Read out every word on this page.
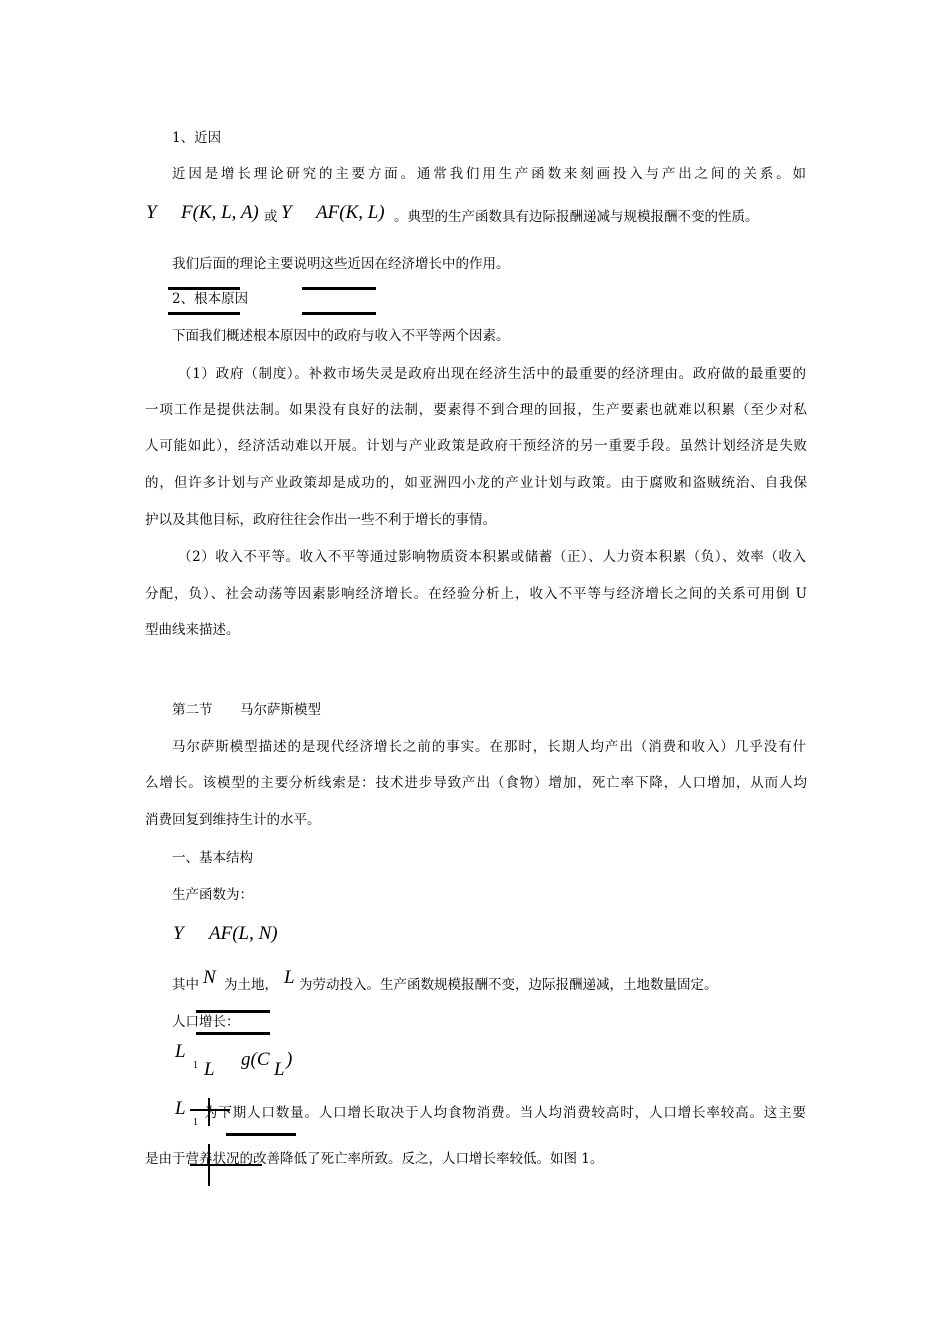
1、近因
近因是增长理论研究的主要方面。通常我们用生产函数来刻画投入与产出之间的关系。如
Y F(K, L, A) 或 Y AF(K, L) 。典型的生产函数具有边际报酬递减与规模报酬不变的性质。
我们后面的理论主要说明这些近因在经济增长中的作用。
2、根本原因
下面我们概述根本原因中的政府与收入不平等两个因素。
（1）政府（制度）。补救市场失灵是政府出现在经济生活中的最重要的经济理由。政府做的最重要的
一项工作是提供法制。如果没有良好的法制，要素得不到合理的回报，生产要素也就难以积累（至少对私
人可能如此），经济活动难以开展。计划与产业政策是政府干预经济的另一重要手段。虽然计划经济是失败
的，但许多计划与产业政策却是成功的，如亚洲四小龙的产业计划与政策。由于腐败和盗贼统治、自我保
护以及其他目标，政府往往会作出一些不利于增长的事情。
（2）收入不平等。收入不平等通过影响物质资本积累或储蓄（正）、人力资本积累（负）、效率（收入
分配，负）、社会动荡等因素影响经济增长。在经验分析上，收入不平等与经济增长之间的关系可用倒 U
型曲线来描述。
第二节 马尔萨斯模型
马尔萨斯模型描述的是现代经济增长之前的事实。在那时，长期人均产出（消费和收入）几乎没有什
么增长。该模型的主要分析线索是：技术进步导致产出（食物）增加，死亡率下降，人口增加，从而人均
消费回复到维持生计的水平。
一、基本结构
生产函数为：
Y AF(L, N)
其中 N 为土地， L 为劳动投入。生产函数规模报酬不变，边际报酬递减，土地数量固定。
人口增长：
L
1 L g(C L )
L
1
为下期人口数量。人口增长取决于人均食物消费。当人均消费较高时，人口增长率较高。这主要
是由于营养状况的改善降低了死亡率所致。反之，人口增长率较低。如图 1。
